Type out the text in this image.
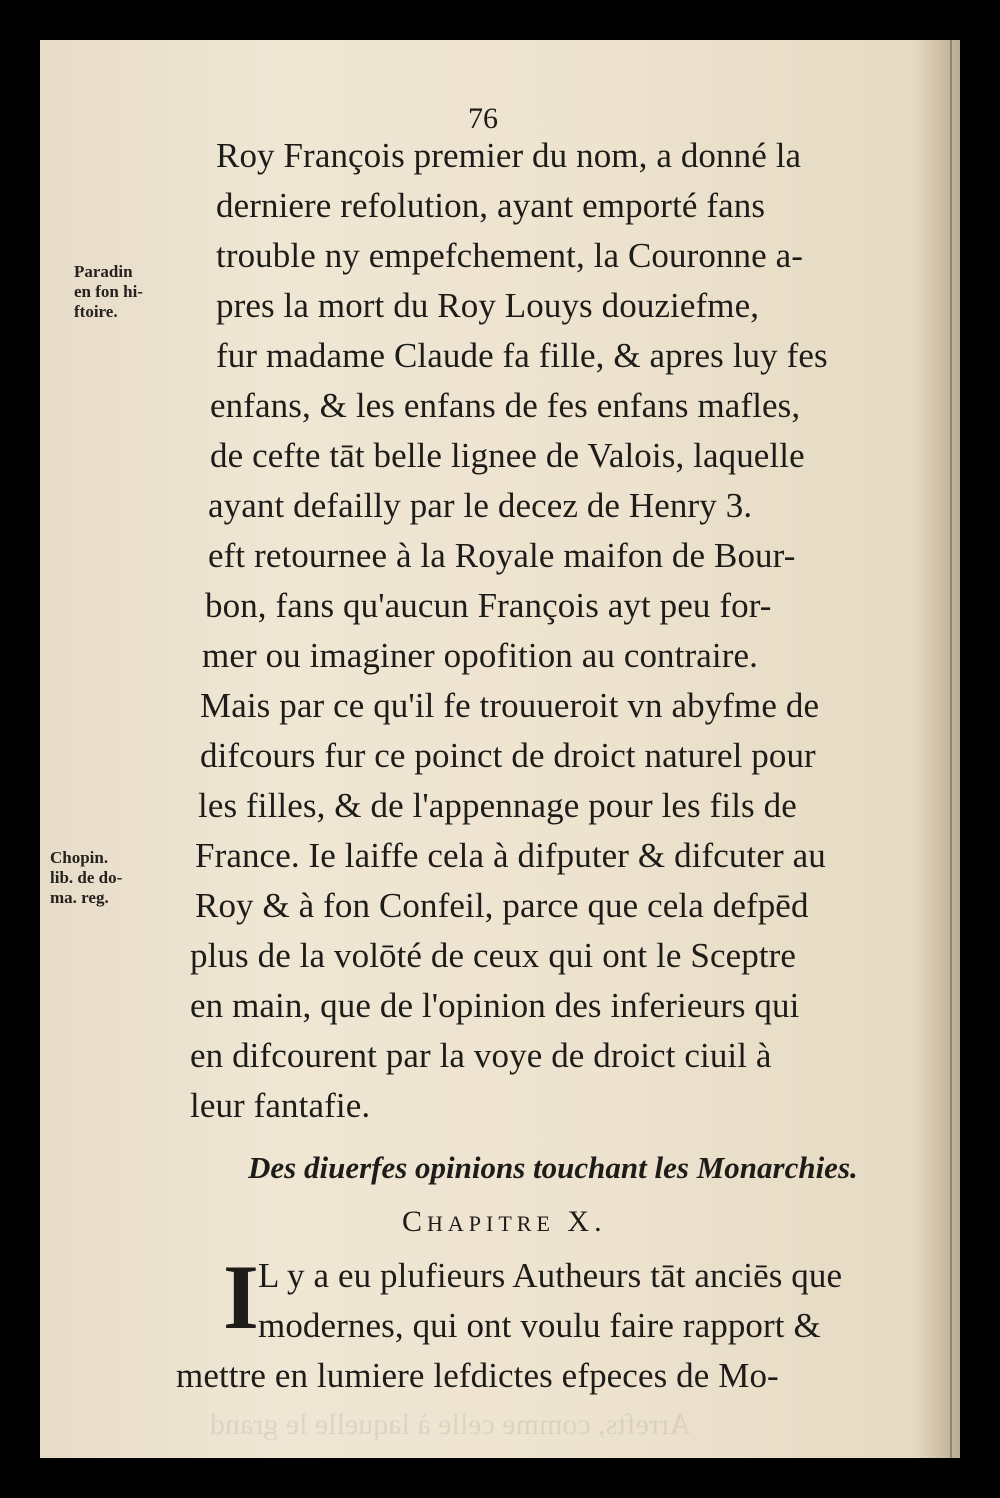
76
Roy François premier du nom, a donné la
derniere refolution, ayant emporté fans
trouble ny empefchement, la Couronne a-
pres la mort du Roy Louys douziefme,
fur madame Claude fa fille, & apres luy fes
enfans, & les enfans de fes enfans mafles,
de cefte tāt belle lignee de Valois, laquelle
ayant defailly par le decez de Henry 3.
eft retournee à la Royale maifon de Bour-
bon, fans qu'aucun François ayt peu for-
mer ou imaginer opofition au contraire.
Mais par ce qu'il fe trouueroit vn abyfme de
difcours fur ce poinct de droict naturel pour
les filles, & de l'appennage pour les fils de
France. Ie laiffe cela à difputer & difcuter au
Roy & à fon Confeil, parce que cela defpēd
plus de la volōté de ceux qui ont le Sceptre
en main, que de l'opinion des inferieurs qui
en difcourent par la voye de droict ciuil à
leur fantafie.
Paradin
en fon hi-
ftoire.
Chopin.
lib. de do-
ma. reg.
Des diuerfes opinions touchant les Monarchies.
CHAPITRE X.
I L y a eu plufieurs Autheurs tāt anciēs que
modernes, qui ont voulu faire rapport &
mettre en lumiere lefdictes efpeces de Mo-
Arrefts, comme celle à laquelle le grand
